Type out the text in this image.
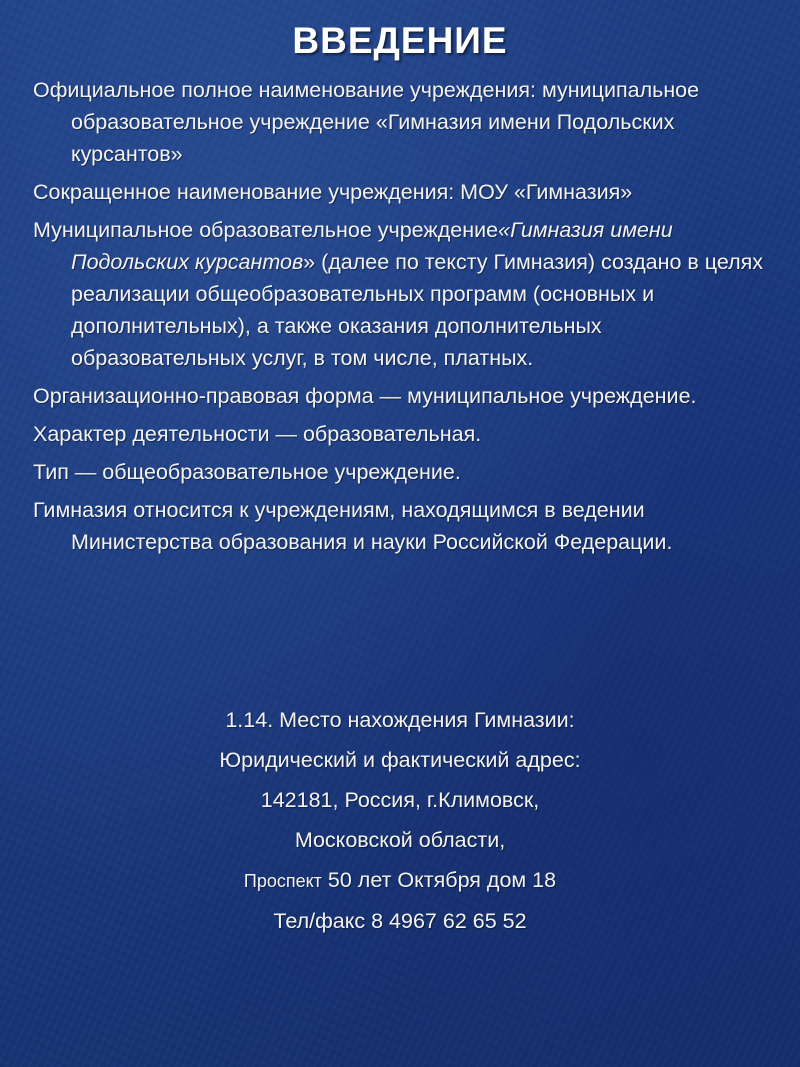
ВВЕДЕНИЕ
Официальное полное наименование учреждения: муниципальное образовательное учреждение «Гимназия имени Подольских курсантов»
Сокращенное наименование учреждения: МОУ «Гимназия»
Муниципальное образовательное учреждение«Гимназия имени Подольских курсантов» (далее по тексту Гимназия) создано в целях реализации общеобразовательных программ (основных и дополнительных), а также оказания дополнительных образовательных услуг, в том числе, платных.
Организационно-правовая форма — муниципальное учреждение.
Характер деятельности — образовательная.
Тип — общеобразовательное учреждение.
Гимназия относится к учреждениям, находящимся в ведении Министерства образования и науки Российской Федерации.
1.14. Место нахождения Гимназии:
Юридический и фактический адрес:
142181, Россия, г.Климовск,
Московской области,
Проспект 50 лет Октября дом 18
Тел/факс 8 4967 62 65 52
